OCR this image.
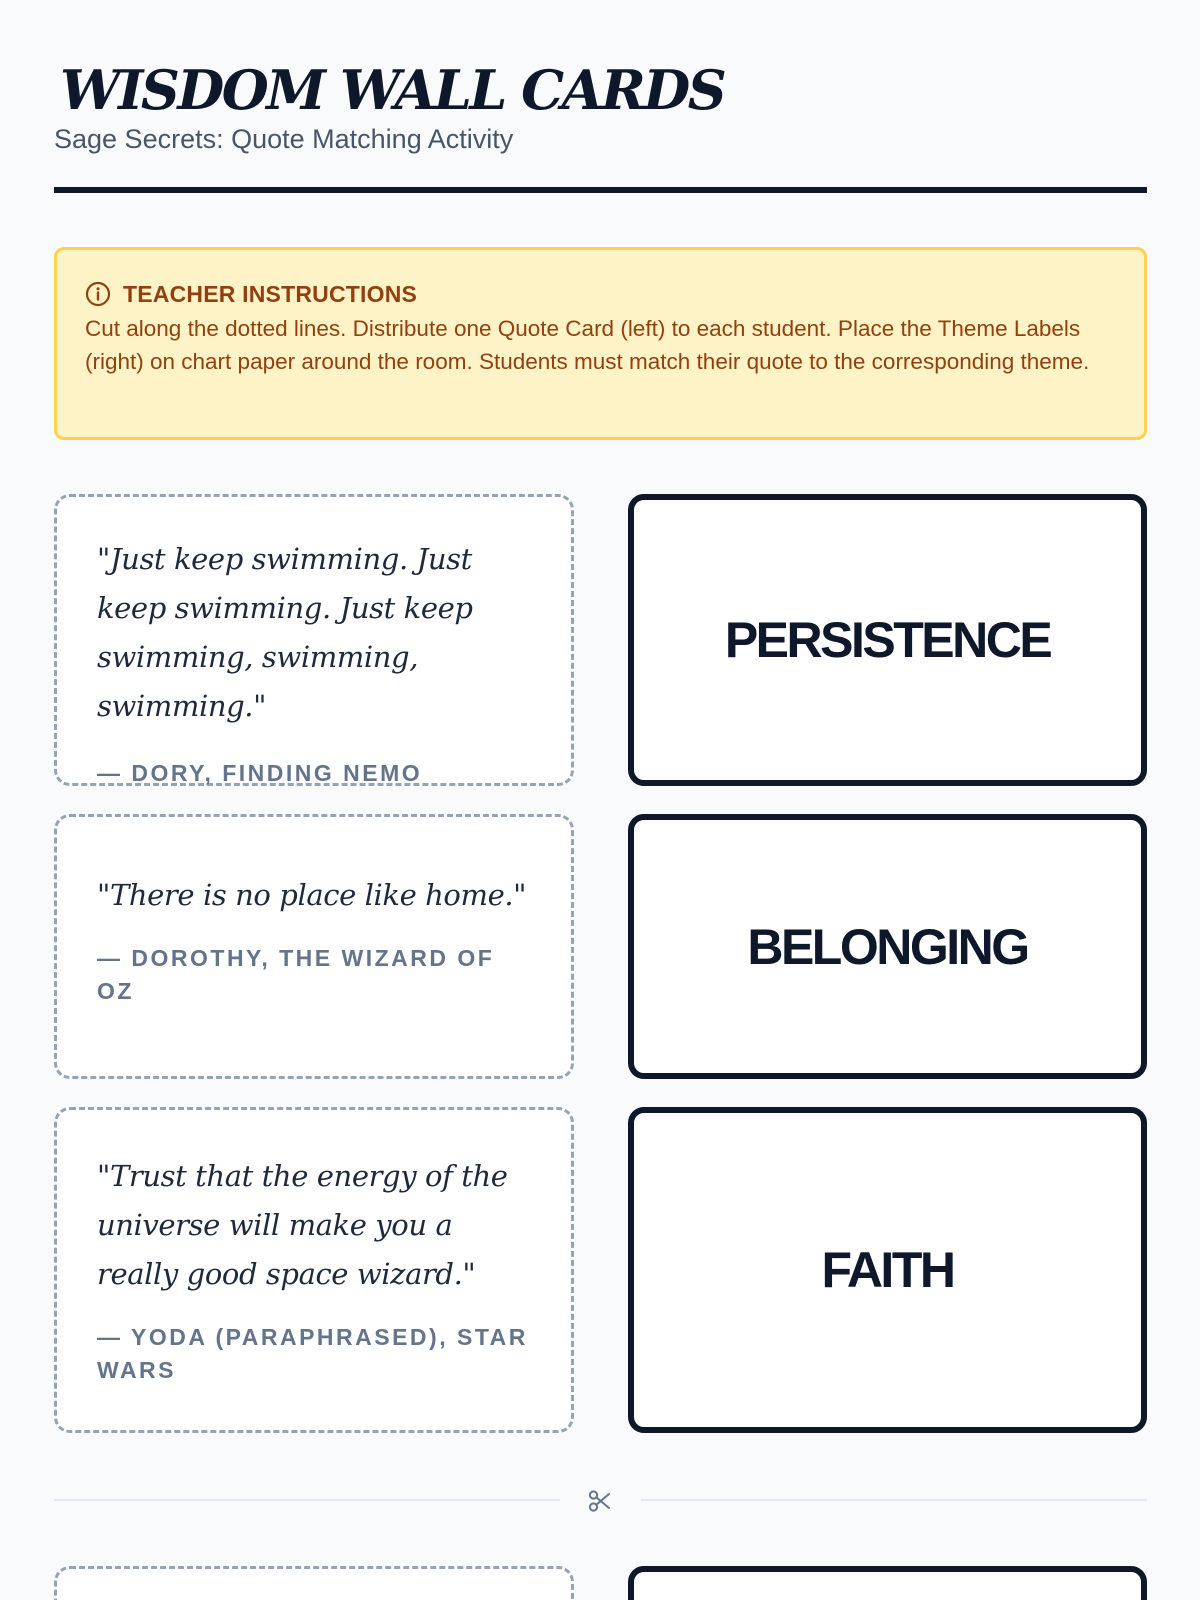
WISDOM WALL CARDS
Sage Secrets: Quote Matching Activity
TEACHER INSTRUCTIONS

Cut along the dotted lines. Distribute one Quote Card (left) to each student. Place the Theme Labels (right) on chart paper around the room. Students must match their quote to the corresponding theme.

"Just keep swimming. Just keep swimming. Just keep swimming, swimming, swimming."

— DORY, FINDING NEMO

PERSISTENCE

"There is no place like home."

— DOROTHY, THE WIZARD OF OZ

BELONGING

"Trust that the energy of the universe will make you a really good space wizard."

— YODA (PARAPHRASED), STAR WARS

FAITH
